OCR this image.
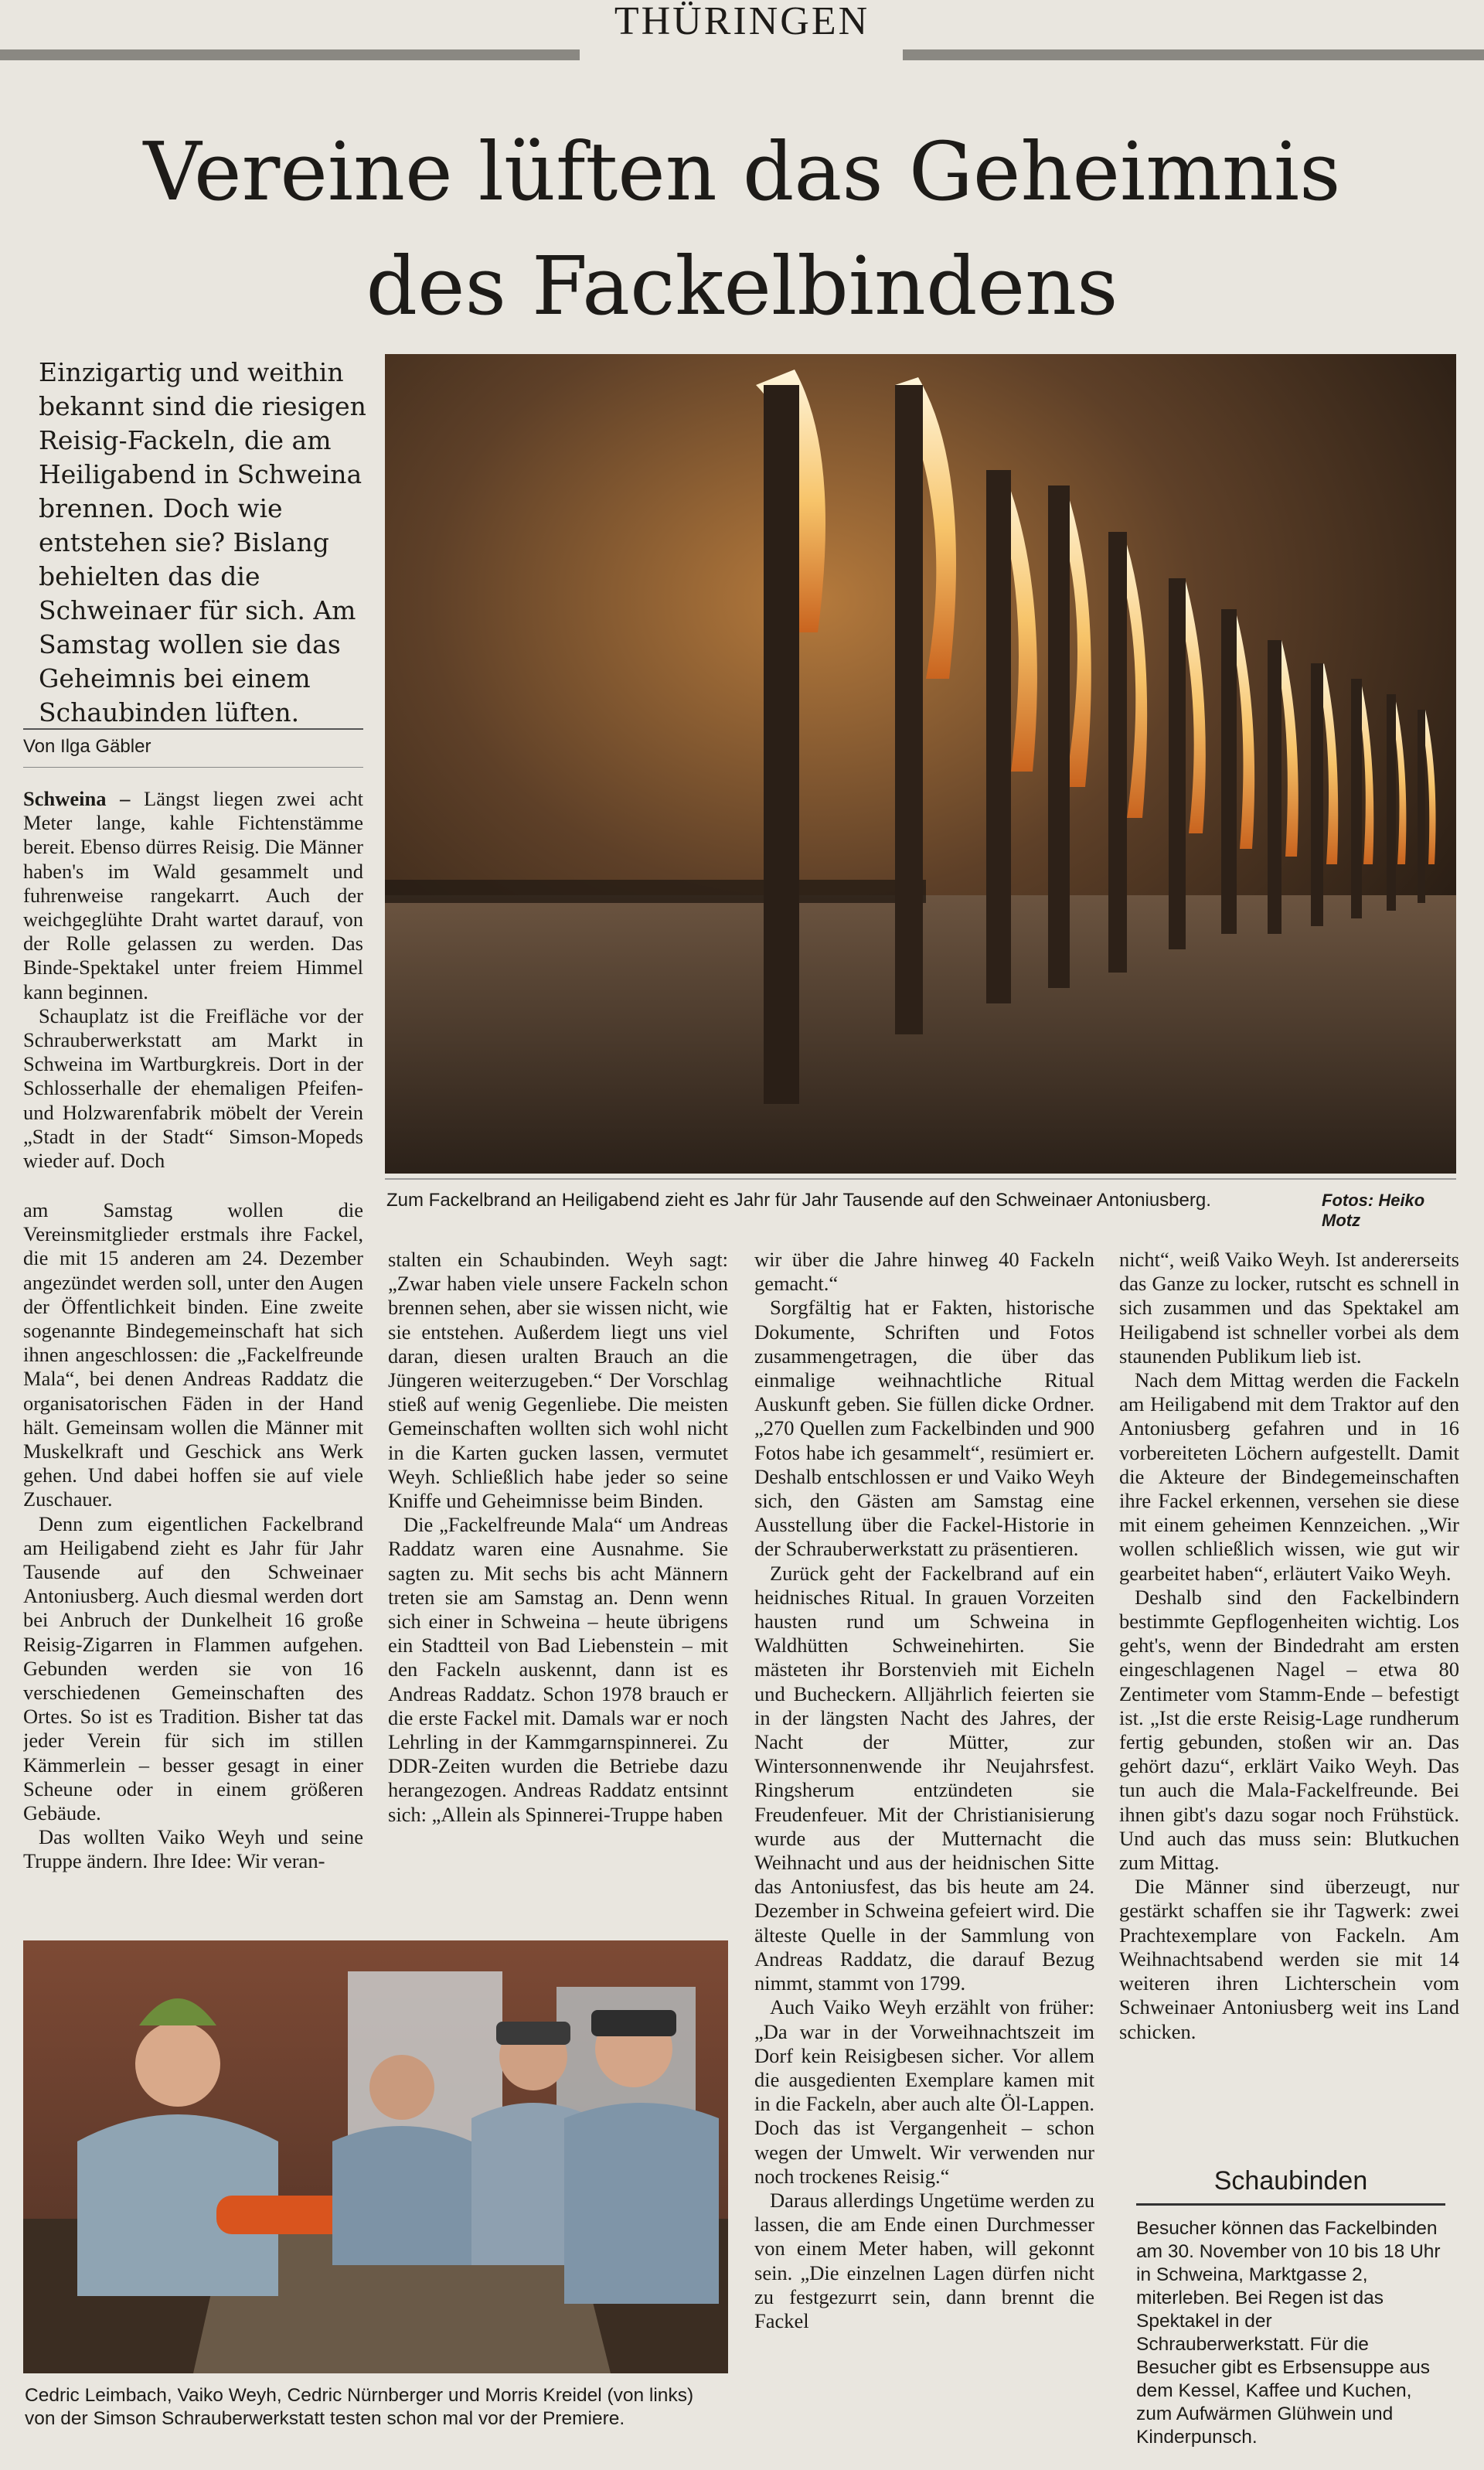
THÜRINGEN
Vereine lüften das Geheimnis
des Fackelbindens
Einzigartig und weithin bekannt sind die riesigen Reisig-Fackeln, die am Heiligabend in Schweina brennen. Doch wie entstehen sie? Bislang behielten das die Schweinaer für sich. Am Samstag wollen sie das Geheimnis bei einem Schaubinden lüften.
Von Ilga Gäbler
Zum Fackelbrand an Heiligabend zieht es Jahr für Jahr Tausende auf den Schweinaer Antoniusberg.	Fotos: Heiko Motz

Schweina – Längst liegen zwei acht Meter lange, kahle Fichtenstämme bereit. Ebenso dürres Reisig. Die Männer haben's im Wald gesammelt und fuhrenweise rangekarrt. Auch der weichgeglühte Draht wartet darauf, von der Rolle gelassen zu werden. Das Binde-Spektakel unter freiem Himmel kann beginnen.

Schauplatz ist die Freifläche vor der Schrauberwerkstatt am Markt in Schweina im Wartburgkreis. Dort in der Schlosserhalle der ehemaligen Pfeifen- und Holzwarenfabrik möbelt der Verein „Stadt in der Stadt“ Simson-Mopeds wieder auf. Doch

am Samstag wollen die Vereinsmitglieder erstmals ihre Fackel, die mit 15 anderen am 24. Dezember angezündet werden soll, unter den Augen der Öffentlichkeit binden. Eine zweite sogenannte Bindegemeinschaft hat sich ihnen angeschlossen: die „Fackelfreunde Mala“, bei denen Andreas Raddatz die organisatorischen Fäden in der Hand hält. Gemeinsam wollen die Männer mit Muskelkraft und Geschick ans Werk gehen. Und dabei hoffen sie auf viele Zuschauer.

Denn zum eigentlichen Fackelbrand am Heiligabend zieht es Jahr für Jahr Tausende auf den Schweinaer Antoniusberg. Auch diesmal werden dort bei Anbruch der Dunkelheit 16 große Reisig-Zigarren in Flammen aufgehen. Gebunden werden sie von 16 verschiedenen Gemeinschaften des Ortes. So ist es Tradition. Bisher tat das jeder Verein für sich im stillen Kämmerlein – besser gesagt in einer Scheune oder in einem größeren Gebäude.

Das wollten Vaiko Weyh und seine Truppe ändern. Ihre Idee: Wir veran-

stalten ein Schaubinden. Weyh sagt: „Zwar haben viele unsere Fackeln schon brennen sehen, aber sie wissen nicht, wie sie entstehen. Außerdem liegt uns viel daran, diesen uralten Brauch an die Jüngeren weiterzugeben.“ Der Vorschlag stieß auf wenig Gegenliebe. Die meisten Gemeinschaften wollten sich wohl nicht in die Karten gucken lassen, vermutet Weyh. Schließlich habe jeder so seine Kniffe und Geheimnisse beim Binden.

Die „Fackelfreunde Mala“ um Andreas Raddatz waren eine Ausnahme. Sie sagten zu. Mit sechs bis acht Männern treten sie am Samstag an. Denn wenn sich einer in Schweina – heute übrigens ein Stadtteil von Bad Liebenstein – mit den Fackeln auskennt, dann ist es Andreas Raddatz. Schon 1978 brauch er die erste Fackel mit. Damals war er noch Lehrling in der Kammgarnspinnerei. Zu DDR-Zeiten wurden die Betriebe dazu herangezogen. Andreas Raddatz entsinnt sich: „Allein als Spinnerei-Truppe haben

wir über die Jahre hinweg 40 Fackeln gemacht.“

Sorgfältig hat er Fakten, historische Dokumente, Schriften und Fotos zusammengetragen, die über das einmalige weihnachtliche Ritual Auskunft geben. Sie füllen dicke Ordner. „270 Quellen zum Fackelbinden und 900 Fotos habe ich gesammelt“, resümiert er. Deshalb entschlossen er und Vaiko Weyh sich, den Gästen am Samstag eine Ausstellung über die Fackel-Historie in der Schrauberwerkstatt zu präsentieren.

Zurück geht der Fackelbrand auf ein heidnisches Ritual. In grauen Vorzeiten hausten rund um Schweina in Waldhütten Schweinehirten. Sie mästeten ihr Borstenvieh mit Eicheln und Bucheckern. Alljährlich feierten sie in der längsten Nacht des Jahres, der Nacht der Mütter, zur Wintersonnenwende ihr Neujahrsfest. Ringsherum entzündeten sie Freudenfeuer. Mit der Christianisierung wurde aus der Mutternacht die Weihnacht und aus der heidnischen Sitte das Antoniusfest, das bis heute am 24. Dezember in Schweina gefeiert wird. Die älteste Quelle in der Sammlung von Andreas Raddatz, die darauf Bezug nimmt, stammt von 1799.

Auch Vaiko Weyh erzählt von früher: „Da war in der Vorweihnachtszeit im Dorf kein Reisigbesen sicher. Vor allem die ausgedienten Exemplare kamen mit in die Fackeln, aber auch alte Öl-Lappen. Doch das ist Vergangenheit – schon wegen der Umwelt. Wir verwenden nur noch trockenes Reisig.“

Daraus allerdings Ungetüme werden zu lassen, die am Ende einen Durchmesser von einem Meter haben, will gekonnt sein. „Die einzelnen Lagen dürfen nicht zu festgezurrt sein, dann brennt die Fackel

nicht“, weiß Vaiko Weyh. Ist andererseits das Ganze zu locker, rutscht es schnell in sich zusammen und das Spektakel am Heiligabend ist schneller vorbei als dem staunenden Publikum lieb ist.

Nach dem Mittag werden die Fackeln am Heiligabend mit dem Traktor auf den Antoniusberg gefahren und in 16 vorbereiteten Löchern aufgestellt. Damit die Akteure der Bindegemeinschaften ihre Fackel erkennen, versehen sie diese mit einem geheimen Kennzeichen. „Wir wollen schließlich wissen, wie gut wir gearbeitet haben“, erläutert Vaiko Weyh.

Deshalb sind den Fackelbindern bestimmte Gepflogenheiten wichtig. Los geht's, wenn der Bindedraht am ersten eingeschlagenen Nagel – etwa 80 Zentimeter vom Stamm-Ende – befestigt ist. „Ist die erste Reisig-Lage rundherum fertig gebunden, stoßen wir an. Das gehört dazu“, erklärt Vaiko Weyh. Das tun auch die Mala-Fackelfreunde. Bei ihnen gibt's dazu sogar noch Frühstück. Und auch das muss sein: Blutkuchen zum Mittag.

Die Männer sind überzeugt, nur gestärkt schaffen sie ihr Tagwerk: zwei Prachtexemplare von Fackeln. Am Weihnachtsabend werden sie mit 14 weiteren ihren Lichterschein vom Schweinaer Antoniusberg weit ins Land schicken.

Cedric Leimbach, Vaiko Weyh, Cedric Nürnberger und Morris Kreidel (von links) von der Simson Schrauberwerkstatt testen schon mal vor der Premiere.
Schaubinden
Besucher können das Fackelbinden am 30. November von 10 bis 18 Uhr in Schweina, Marktgasse 2, miterleben. Bei Regen ist das Spektakel in der Schrauberwerkstatt. Für die Besucher gibt es Erbsensuppe aus dem Kessel, Kaffee und Kuchen, zum Aufwärmen Glühwein und Kinderpunsch.
